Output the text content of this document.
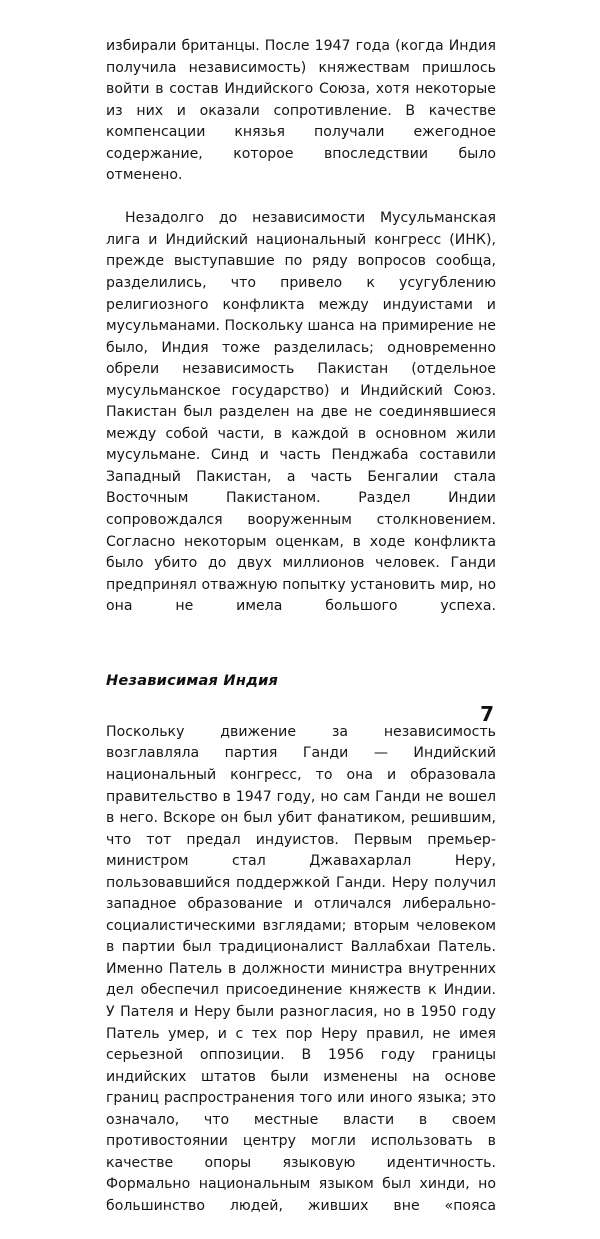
избирали британцы. После 1947 года (когда Индия получила независимость) княжествам пришлось войти в состав Индийского Союза, хотя некоторые из них и оказали сопротивление. В качестве компенсации князья получали ежегодное содержание, которое впоследствии было отменено.

Незадолго до независимости Мусульманская лига и Индийский национальный конгресс (ИНК), прежде выступавшие по ряду вопросов сообща, разделились, что привело к усугублению религиозного конфликта между индуистами и мусульманами. Поскольку шанса на примирение не было, Индия тоже разделилась; одновременно обрели независимость Пакистан (отдельное мусульманское государство) и Индийский Союз. Пакистан был разделен на две не соединявшиеся между собой части, в каждой в основном жили мусульмане. Синд и часть Пенджаба составили Западный Пакистан, а часть Бенгалии стала Восточным Пакистаном. Раздел Индии сопровождался вооруженным столкновением. Согласно некоторым оценкам, в ходе конфликта было убито до двух миллионов человек. Ганди предпринял отважную попытку установить мир, но она не имела большого успеха.

Независимая Индия

Поскольку движение за независимость возглавляла партия Ганди — Индийский национальный конгресс, то она и образовала правительство в 1947 году, но сам Ганди не вошел в него. Вскоре он был убит фанатиком, решившим, что тот предал индуистов. Первым премьер-министром стал Джавахарлал Неру, пользовавшийся поддержкой Ганди. Неру получил западное образование и отличался либерально-социалистическими взглядами; вторым человеком в партии был традиционалист Валлабхаи Патель. Именно Патель в должности министра внутренних дел обеспечил присоединение княжеств к Индии. У Пателя и Неру были разногласия, но в 1950 году Патель умер, и с тех пор Неру правил, не имея серьезной оппозиции. В 1956 году границы индийских штатов были изменены на основе границ распространения того или иного языка; это означало, что местные власти в своем противостоянии центру могли использовать в качестве опоры языковую идентичность. Формально национальным языком был хинди, но большинство людей, живших вне «пояса

7
